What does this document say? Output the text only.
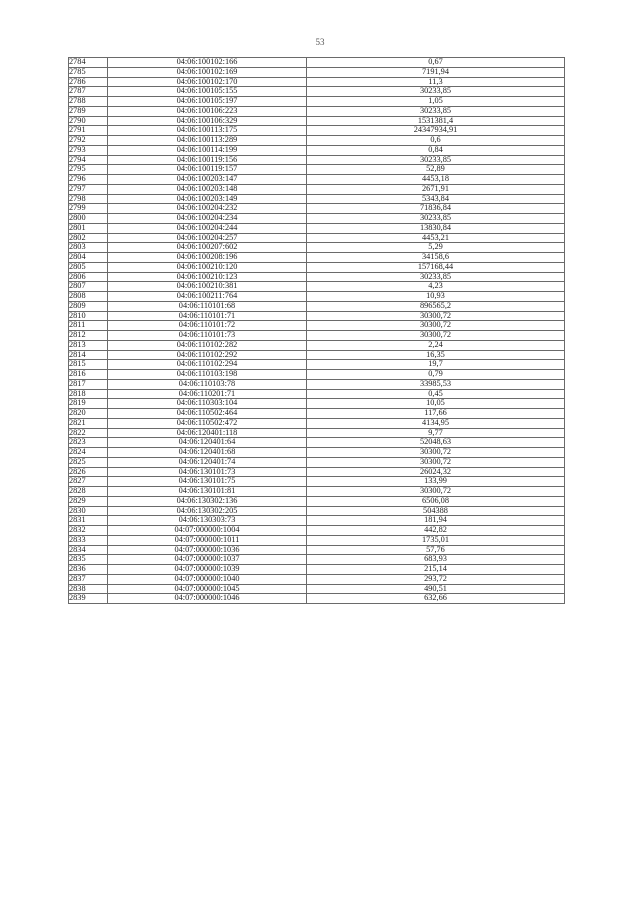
53
2784	04:06:100102:166	0,67
2785	04:06:100102:169	7191,94
2786	04:06:100102:170	11,3
2787	04:06:100105:155	30233,85
2788	04:06:100105:197	1,05
2789	04:06:100106:223	30233,85
2790	04:06:100106:329	1531381,4
2791	04:06:100113:175	24347934,91
2792	04:06:100113:289	0,6
2793	04:06:100114:199	0,84
2794	04:06:100119:156	30233,85
2795	04:06:100119:157	52,89
2796	04:06:100203:147	4453,18
2797	04:06:100203:148	2671,91
2798	04:06:100203:149	5343,84
2799	04:06:100204:232	71836,84
2800	04:06:100204:234	30233,85
2801	04:06:100204:244	13830,84
2802	04:06:100204:257	4453,21
2803	04:06:100207:602	5,29
2804	04:06:100208:196	34158,6
2805	04:06:100210:120	157168,44
2806	04:06:100210:123	30233,85
2807	04:06:100210:381	4,23
2808	04:06:100211:764	10,93
2809	04:06:110101:68	896565,2
2810	04:06:110101:71	30300,72
2811	04:06:110101:72	30300,72
2812	04:06:110101:73	30300,72
2813	04:06:110102:282	2,24
2814	04:06:110102:292	16,35
2815	04:06:110102:294	19,7
2816	04:06:110103:198	0,79
2817	04:06:110103:78	33985,53
2818	04:06:110201:71	0,45
2819	04:06:110303:104	10,05
2820	04:06:110502:464	117,66
2821	04:06:110502:472	4134,95
2822	04:06:120401:118	9,77
2823	04:06:120401:64	52048,63
2824	04:06:120401:68	30300,72
2825	04:06:120401:74	30300,72
2826	04:06:130101:73	26024,32
2827	04:06:130101:75	133,99
2828	04:06:130101:81	30300,72
2829	04:06:130302:136	6506,08
2830	04:06:130302:205	504388
2831	04:06:130303:73	181,94
2832	04:07:000000:1004	442,82
2833	04:07:000000:1011	1735,01
2834	04:07:000000:1036	57,76
2835	04:07:000000:1037	683,93
2836	04:07:000000:1039	215,14
2837	04:07:000000:1040	293,72
2838	04:07:000000:1045	490,51
2839	04:07:000000:1046	632,66
